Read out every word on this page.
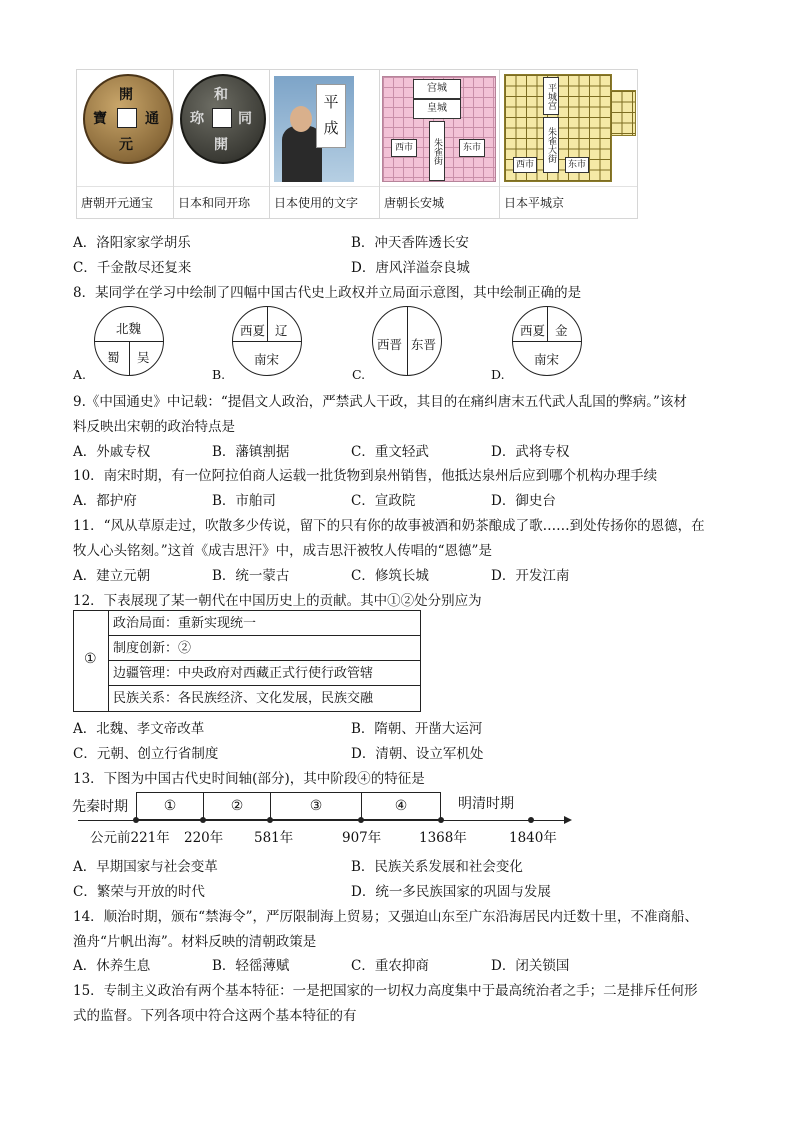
開
元
通
寶
唐朝开元通宝
和
同
開
珎
日本和同开珎
平
成
日本使用的文字
宫城
皇城
西市	东市
朱雀街
唐朝长安城
平城宫
朱雀大街
西市	东市
日本平城京
A．洛阳家家学胡乐	B．冲天香阵透长安
C．千金散尽还复来	D．唐风洋溢奈良城
8．某同学在学习中绘制了四幅中国古代史上政权并立局面示意图，其中绘制正确的是
北魏
蜀 吴
A.
西夏 辽
南宋
B.
西晋 东晋
C.
西夏 金
南宋
D.
9.《中国通史》中记载：“提倡文人政治，严禁武人干政，其目的在痛纠唐末五代武人乱国的弊病。”该材
料反映出宋朝的政治特点是
A．外戚专权	B．藩镇割据	C．重文轻武	D．武将专权
10．南宋时期，有一位阿拉伯商人运载一批货物到泉州销售，他抵达泉州后应到哪个机构办理手续
A．都护府	B．市舶司	C．宣政院	D．御史台
11．“风从草原走过，吹散多少传说，留下的只有你的故事被酒和奶茶酿成了歌……到处传扬你的恩德，在
牧人心头铭刻。”这首《成吉思汗》中，成吉思汗被牧人传唱的“恩德”是
A．建立元朝	B．统一蒙古	C．修筑长城	D．开发江南
12．下表展现了某一朝代在中国历史上的贡献。其中①②处分别应为
①
政治局面：重新实现统一
制度创新：②
边疆管理：中央政府对西藏正式行使行政管辖
民族关系：各民族经济、文化发展，民族交融
A．北魏、孝文帝改革	B．隋朝、开凿大运河
C．元朝、创立行省制度	D．清朝、设立军机处
13．下图为中国古代史时间轴(部分)，其中阶段④的特征是
先秦时期	①	②	③	④	明清时期
公元前221年 220年 581年	907年	1368年	1840年
A．早期国家与社会变革	B．民族关系发展和社会变化
C．繁荣与开放的时代	D．统一多民族国家的巩固与发展
14．顺治时期，颁布“禁海令”，严厉限制海上贸易；又强迫山东至广东沿海居民内迁数十里，不准商船、
渔舟“片帆出海”。材料反映的清朝政策是
A．休养生息	B．轻徭薄赋	C．重农抑商	D．闭关锁国
15．专制主义政治有两个基本特征：一是把国家的一切权力高度集中于最高统治者之手；二是排斥任何形
式的监督。下列各项中符合这两个基本特征的有
